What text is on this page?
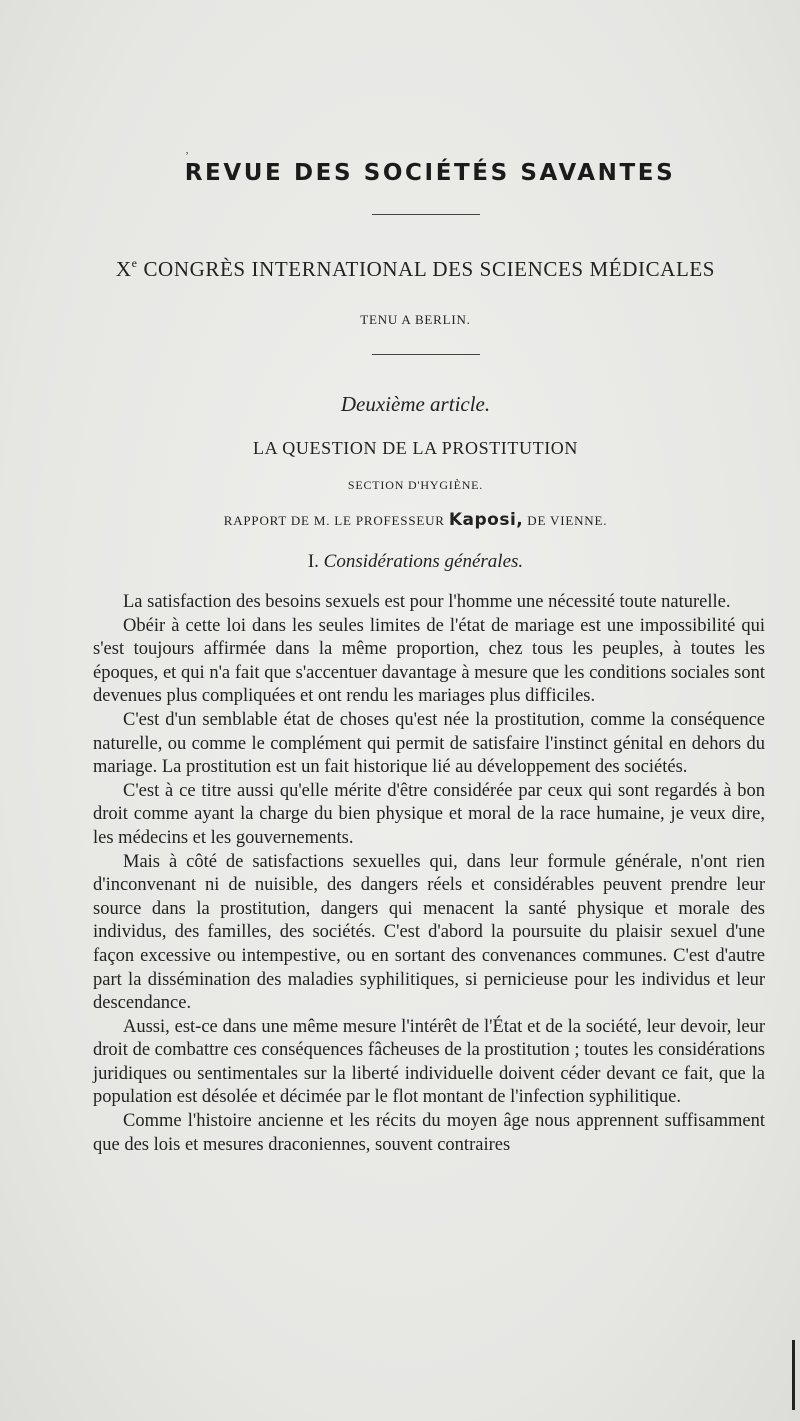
‚
REVUE DES SOCIÉTÉS SAVANTES
Xe CONGRÈS INTERNATIONAL DES SCIENCES MÉDICALES
TENU A BERLIN.
Deuxième article.
LA QUESTION DE LA PROSTITUTION
SECTION D'HYGIÈNE.
RAPPORT DE M. LE PROFESSEUR Kaposi, DE VIENNE.
I. Considérations générales.

La satisfaction des besoins sexuels est pour l'homme une nécessité toute naturelle.

Obéir à cette loi dans les seules limites de l'état de mariage est une impossibilité qui s'est toujours affirmée dans la même proportion, chez tous les peuples, à toutes les époques, et qui n'a fait que s'accentuer davantage à mesure que les conditions sociales sont devenues plus compliquées et ont rendu les mariages plus difficiles.

C'est d'un semblable état de choses qu'est née la prostitution, comme la conséquence naturelle, ou comme le complément qui permit de satisfaire l'instinct génital en dehors du mariage. La prostitution est un fait historique lié au développement des sociétés.

C'est à ce titre aussi qu'elle mérite d'être considérée par ceux qui sont regardés à bon droit comme ayant la charge du bien physique et moral de la race humaine, je veux dire, les médecins et les gouvernements.

Mais à côté de satisfactions sexuelles qui, dans leur formule générale, n'ont rien d'inconvenant ni de nuisible, des dangers réels et considérables peuvent prendre leur source dans la prostitution, dangers qui menacent la santé physique et morale des individus, des familles, des sociétés. C'est d'abord la poursuite du plaisir sexuel d'une façon excessive ou intempestive, ou en sortant des convenances communes. C'est d'autre part la dissémination des maladies syphilitiques, si pernicieuse pour les individus et leur descendance.

Aussi, est-ce dans une même mesure l'intérêt de l'État et de la société, leur devoir, leur droit de combattre ces conséquences fâcheuses de la prostitution ; toutes les considérations juridiques ou sentimentales sur la liberté individuelle doivent céder devant ce fait, que la population est désolée et décimée par le flot montant de l'infection syphilitique.

Comme l'histoire ancienne et les récits du moyen âge nous apprennent suffisamment que des lois et mesures draconiennes, souvent contraires
